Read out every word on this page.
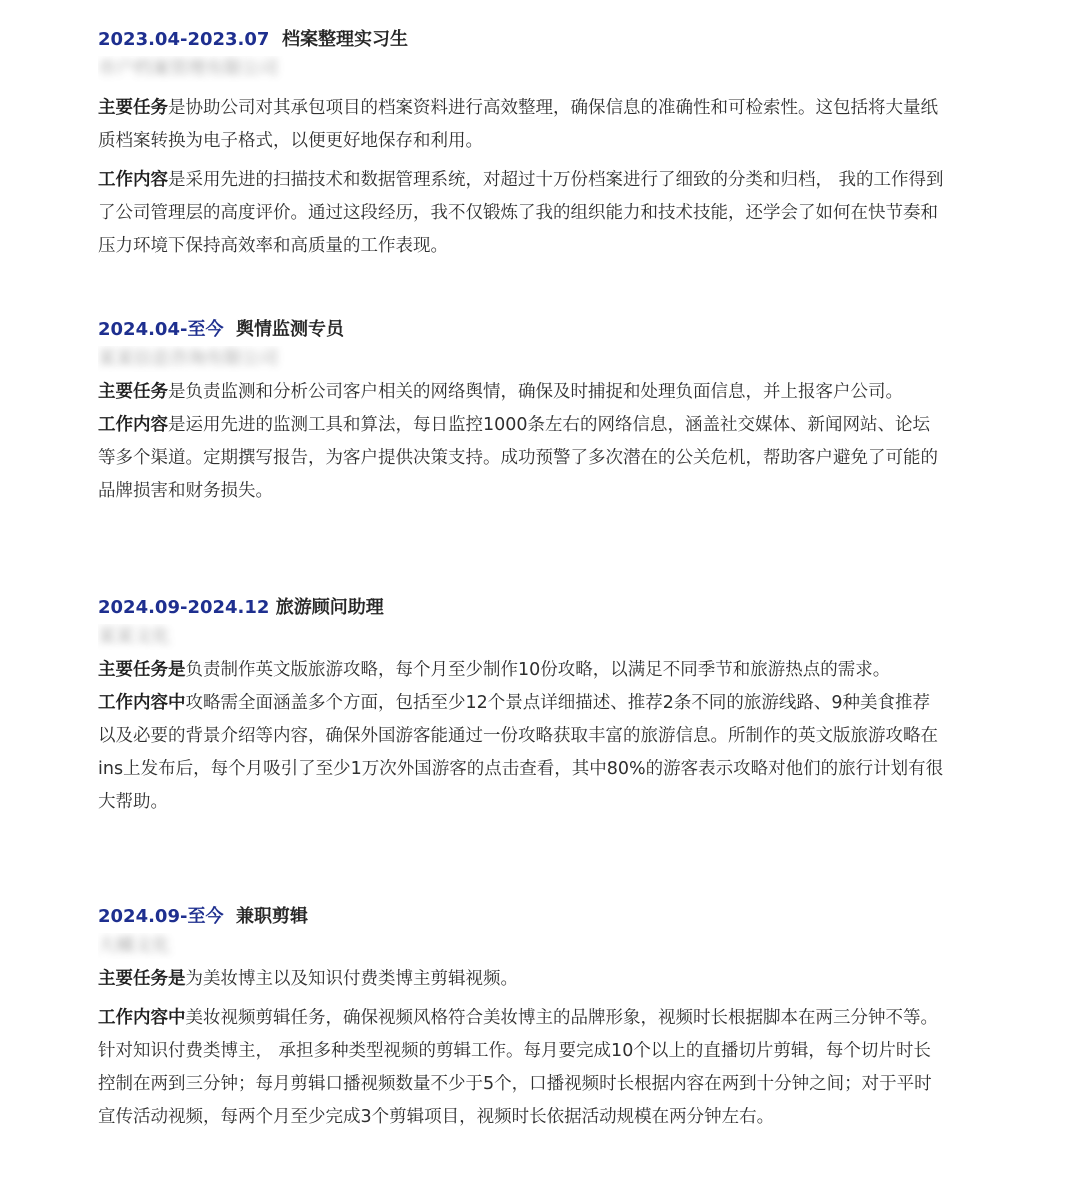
2023.04-2023.07 档案整理实习生
市户档案管理有限公司

主要任务是协助公司对其承包项目的档案资料进行高效整理，确保信息的准确性和可检索性。这包括将大量纸质档案转换为电子格式，以便更好地保存和利用。

工作内容是采用先进的扫描技术和数据管理系统，对超过十万份档案进行了细致的分类和归档， 我的工作得到了公司管理层的高度评价。通过这段经历，我不仅锻炼了我的组织能力和技术技能，还学会了如何在快节奏和压力环境下保持高效率和高质量的工作表现。

2024.04-至今 舆情监测专员
某某信息咨询有限公司

主要任务是负责监测和分析公司客户相关的网络舆情，确保及时捕捉和处理负面信息，并上报客户公司。

工作内容是运用先进的监测工具和算法，每日监控1000条左右的网络信息，涵盖社交媒体、新闻网站、论坛等多个渠道。定期撰写报告，为客户提供决策支持。成功预警了多次潜在的公关危机，帮助客户避免了可能的品牌损害和财务损失。

2024.09-2024.12 旅游顾问助理
某某文化

主要任务是负责制作英文版旅游攻略，每个月至少制作10份攻略，以满足不同季节和旅游热点的需求。

工作内容中攻略需全面涵盖多个方面，包括至少12个景点详细描述、推荐2条不同的旅游线路、9种美食推荐以及必要的背景介绍等内容，确保外国游客能通过一份攻略获取丰富的旅游信息。所制作的英文版旅游攻略在ins上发布后，每个月吸引了至少1万次外国游客的点击查看，其中80%的游客表示攻略对他们的旅行计划有很大帮助。

2024.09-至今 兼职剪辑
大橘文化

主要任务是为美妆博主以及知识付费类博主剪辑视频。

工作内容中美妆视频剪辑任务，确保视频风格符合美妆博主的品牌形象，视频时长根据脚本在两三分钟不等。 针对知识付费类博主， 承担多种类型视频的剪辑工作。每月要完成10个以上的直播切片剪辑，每个切片时长控制在两到三分钟；每月剪辑口播视频数量不少于5个，口播视频时长根据内容在两到十分钟之间；对于平时宣传活动视频，每两个月至少完成3个剪辑项目，视频时长依据活动规模在两分钟左右。
